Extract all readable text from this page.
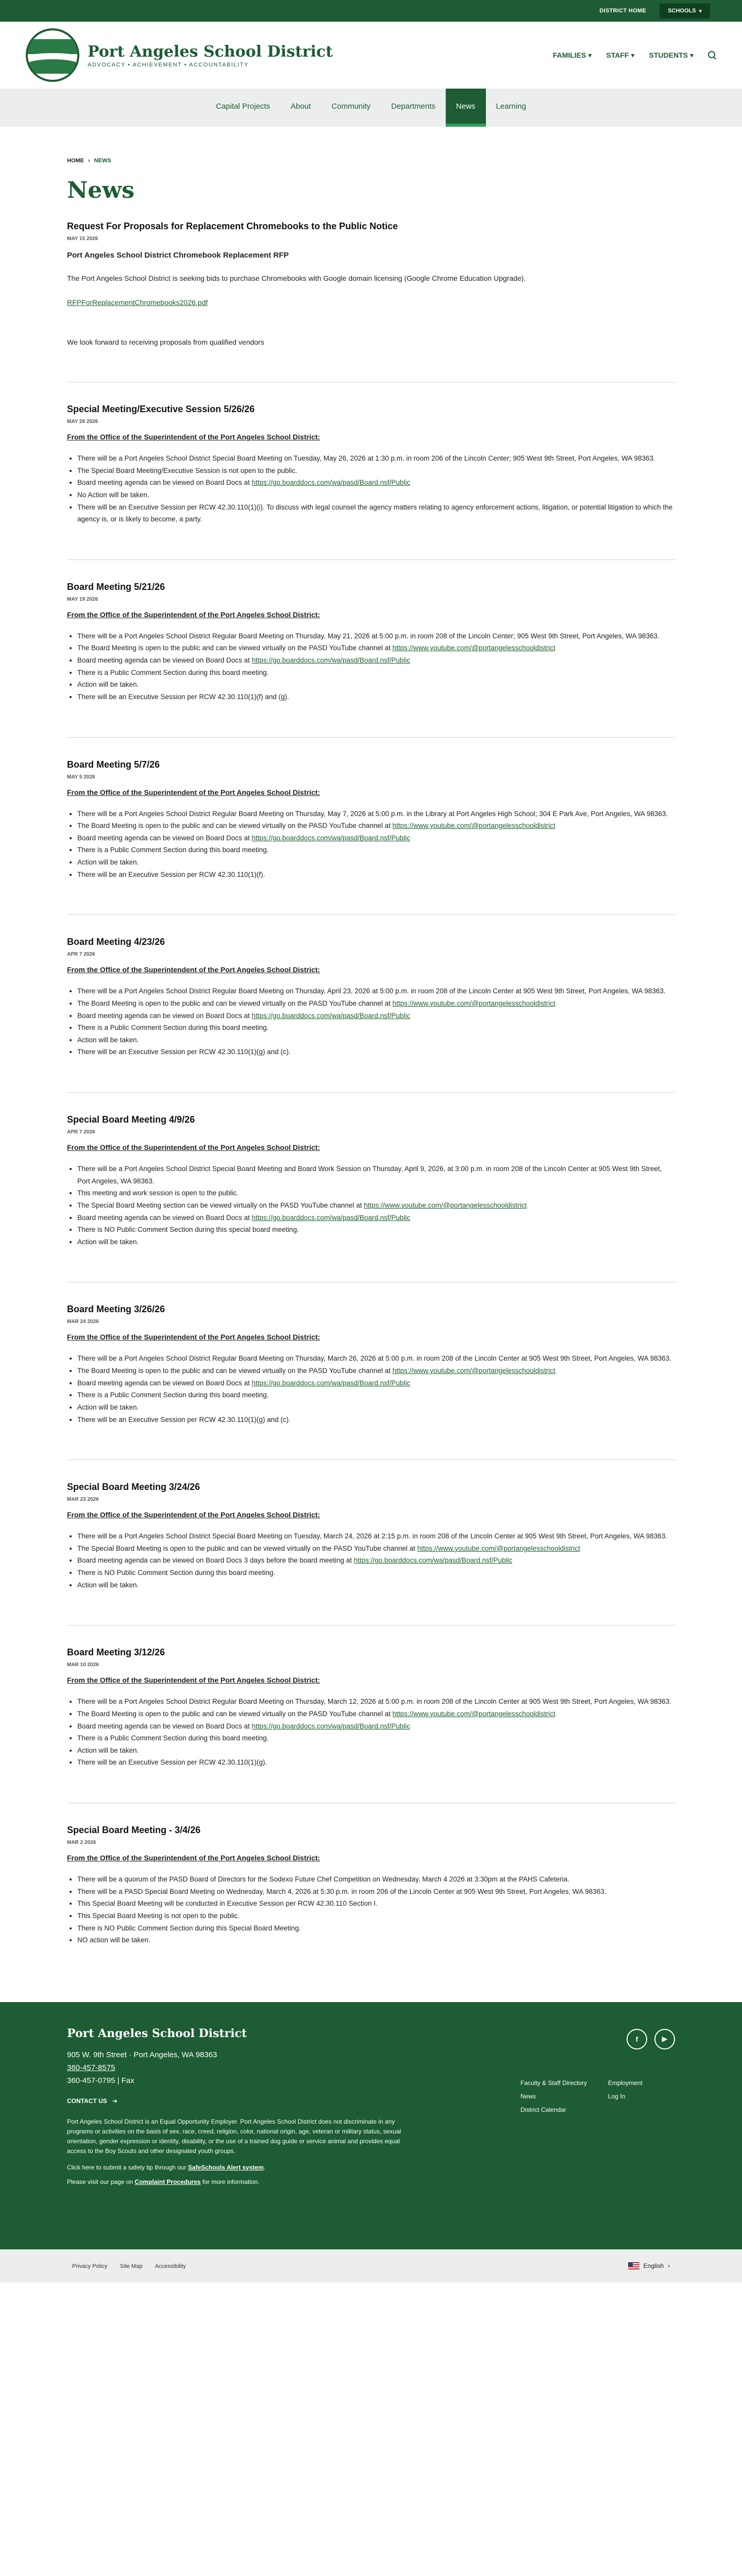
DISTRICT HOME	SCHOOLS ▾
Port Angeles School District
ADVOCACY • ACHIEVEMENT • ACCOUNTABILITY
FAMILIES ▾ STAFF ▾ STUDENTS ▾
Capital Projects	About	Community	Departments	News	Learning
HOME › NEWS
News
Request For Proposals for Replacement Chromebooks to the Public Notice
MAY 15 2026
Port Angeles School District Chromebook Replacement RFP
The Port Angeles School District is seeking bids to purchase Chromebooks with Google domain licensing (Google Chrome Education Upgrade).
RFPForReplacementChromebooks2026.pdf
We look forward to receiving proposals from qualified vendors
Special Meeting/Executive Session 5/26/26
MAY 28 2026
From the Office of the Superintendent of the Port Angeles School District:
• There will be a Port Angeles School District Special Board Meeting on Tuesday, May 26, 2026 at 1:30 p.m. in room 206 of the Lincoln Center; 905 West 9th Street, Port Angeles, WA 98363.
• The Special Board Meeting/Executive Session is not open to the public.
• Board meeting agenda can be viewed on Board Docs at https://go.boarddocs.com/wa/pasd/Board.nsf/Public
• No Action will be taken.
• There will be an Executive Session per RCW 42.30.110(1)(i). To discuss with legal counsel the agency matters relating to agency enforcement actions, litigation, or potential litigation to which the agency is, or is likely to become, a party.
Board Meeting 5/21/26
MAY 19 2026
From the Office of the Superintendent of the Port Angeles School District:
• There will be a Port Angeles School District Regular Board Meeting on Thursday, May 21, 2026 at 5:00 p.m. in room 208 of the Lincoln Center; 905 West 9th Street, Port Angeles, WA 98363.
• The Board Meeting is open to the public and can be viewed virtually on the PASD YouTube channel at https://www.youtube.com/@portangelesschooldistrict
• Board meeting agenda can be viewed on Board Docs at https://go.boarddocs.com/wa/pasd/Board.nsf/Public
• There is a Public Comment Section during this board meeting.
• Action will be taken.
• There will be an Executive Session per RCW 42.30.110(1)(f) and (g).
Board Meeting 5/7/26
MAY 5 2026
From the Office of the Superintendent of the Port Angeles School District:
• There will be a Port Angeles School District Regular Board Meeting on Thursday, May 7, 2026 at 5:00 p.m. in the Library at Port Angeles High School; 304 E Park Ave, Port Angeles, WA 98363.
• The Board Meeting is open to the public and can be viewed virtually on the PASD YouTube channel at https://www.youtube.com/@portangelesschooldistrict
• Board meeting agenda can be viewed on Board Docs at https://go.boarddocs.com/wa/pasd/Board.nsf/Public
• There is a Public Comment Section during this board meeting.
• Action will be taken.
• There will be an Executive Session per RCW 42.30.110(1)(f).
Board Meeting 4/23/26
APR 7 2026
From the Office of the Superintendent of the Port Angeles School District:
• There will be a Port Angeles School District Regular Board Meeting on Thursday, April 23, 2026 at 5:00 p.m. in room 208 of the Lincoln Center at 905 West 9th Street, Port Angeles, WA 98363.
• The Board Meeting is open to the public and can be viewed virtually on the PASD YouTube channel at https://www.youtube.com/@portangelesschooldistrict
• Board meeting agenda can be viewed on Board Docs at https://go.boarddocs.com/wa/pasd/Board.nsf/Public
• There is a Public Comment Section during this board meeting.
• Action will be taken.
• There will be an Executive Session per RCW 42.30.110(1)(g) and (c).
Special Board Meeting 4/9/26
APR 7 2026
From the Office of the Superintendent of the Port Angeles School District:
• There will be a Port Angeles School District Special Board Meeting and Board Work Session on Thursday, April 9, 2026, at 3:00 p.m. in room 208 of the Lincoln Center at 905 West 9th Street, Port Angeles, WA 98363.
• This meeting and work session is open to the public.
• The Special Board Meeting section can be viewed virtually on the PASD YouTube channel at https://www.youtube.com/@portangelesschooldistrict
• Board meeting agenda can be viewed on Board Docs at https://go.boarddocs.com/wa/pasd/Board.nsf/Public
• There is NO Public Comment Section during this special board meeting.
• Action will be taken.
Board Meeting 3/26/26
MAR 24 2026
From the Office of the Superintendent of the Port Angeles School District:
• There will be a Port Angeles School District Regular Board Meeting on Thursday, March 26, 2026 at 5:00 p.m. in room 208 of the Lincoln Center at 905 West 9th Street, Port Angeles, WA 98363.
• The Board Meeting is open to the public and can be viewed virtually on the PASD YouTube channel at https://www.youtube.com/@portangelesschooldistrict
• Board meeting agenda can be viewed on Board Docs at https://go.boarddocs.com/wa/pasd/Board.nsf/Public
• There is a Public Comment Section during this board meeting.
• Action will be taken.
• There will be an Executive Session per RCW 42.30.110(1)(g) and (c).
Special Board Meeting 3/24/26
MAR 23 2026
From the Office of the Superintendent of the Port Angeles School District:
• There will be a Port Angeles School District Special Board Meeting on Tuesday, March 24, 2026 at 2:15 p.m. in room 208 of the Lincoln Center at 905 West 9th Street, Port Angeles, WA 98363.
• The Special Board Meeting is open to the public and can be viewed virtually on the PASD YouTube channel at https://www.youtube.com/@portangelesschooldistrict
• Board meeting agenda can be viewed on Board Docs 3 days before the board meeting at https://go.boarddocs.com/wa/pasd/Board.nsf/Public
• There is NO Public Comment Section during this board meeting.
• Action will be taken.
Board Meeting 3/12/26
MAR 10 2026
From the Office of the Superintendent of the Port Angeles School District:
• There will be a Port Angeles School District Regular Board Meeting on Thursday, March 12, 2026 at 5:00 p.m. in room 208 of the Lincoln Center at 905 West 9th Street, Port Angeles, WA 98363.
• The Board Meeting is open to the public and can be viewed virtually on the PASD YouTube channel at https://www.youtube.com/@portangelesschooldistrict
• Board meeting agenda can be viewed on Board Docs at https://go.boarddocs.com/wa/pasd/Board.nsf/Public
• There is a Public Comment Section during this board meeting.
• Action will be taken.
• There will be an Executive Session per RCW 42.30.110(1)(g).
Special Board Meeting - 3/4/26
MAR 2 2026
From the Office of the Superintendent of the Port Angeles School District:
• There will be a quorum of the PASD Board of Directors for the Sodexo Future Chef Competition on Wednesday, March 4 2026 at 3:30pm at the PAHS Cafeteria.
• There will be a PASD Special Board Meeting on Wednesday, March 4, 2026 at 5:30 p.m. in room 206 of the Lincoln Center at 905 West 9th Street, Port Angeles, WA 98363.
• This Special Board Meeting will be conducted in Executive Session per RCW 42.30.110 Section I.
• This Special Board Meeting is not open to the public.
• There is NO Public Comment Section during this Special Board Meeting.
• NO action will be taken.
Port Angeles School District
905 W. 9th Street · Port Angeles, WA 98363
360-457-8575
360-457-0795 | Fax
CONTACT US ➜
Port Angeles School District is an Equal Opportunity Employer. Port Angeles School District does not discriminate in any programs or activities on the basis of sex, race, creed, religion, color, national origin, age, veteran or military status, sexual orientation, gender expression or identity, disability, or the use of a trained dog guide or service animal and provides equal access to the Boy Scouts and other designated youth groups.
Click here to submit a safety tip through our SafeSchools Alert system.
Please visit our page on Complaint Procedures for more information.
f	▶
Faculty & Staff Directory	Employment
News	Log In
District Calendar
Privacy Policy Site Map Accessibility	English ›
